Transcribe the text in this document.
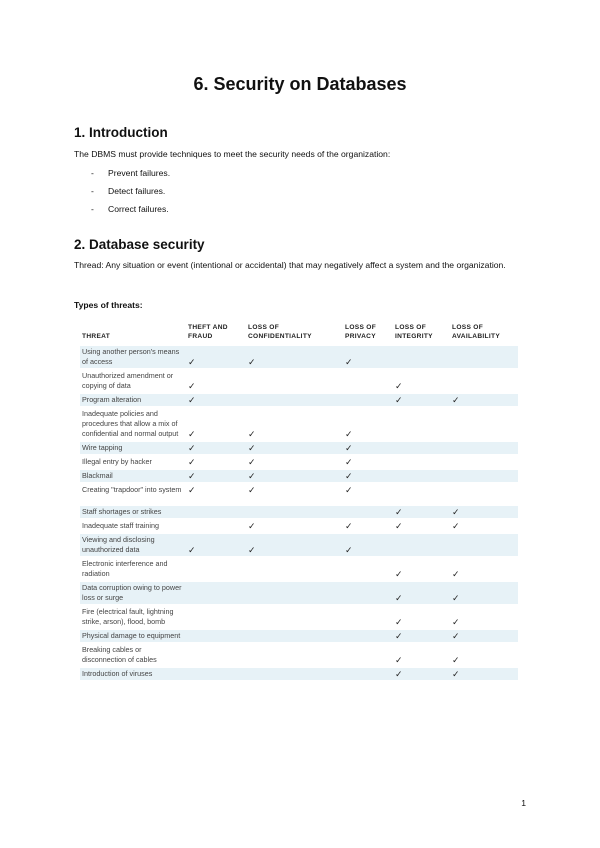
6. Security on Databases
1. Introduction
The DBMS must provide techniques to meet the security needs of the organization:
- Prevent failures.
- Detect failures.
- Correct failures.
2. Database security
Thread: Any situation or event (intentional or accidental) that may negatively affect a system and the organization.
Types of threats:
THREAT	THEFT AND FRAUD	LOSS OF CONFIDENTIALITY	LOSS OF PRIVACY	LOSS OF INTEGRITY	LOSS OF AVAILABILITY
Using another person's means of access	✓	✓	✓		
Unauthorized amendment or copying of data	✓			✓	
Program alteration	✓			✓	✓
Inadequate policies and procedures that allow a mix of confidential and normal output	✓	✓	✓		
Wire tapping	✓	✓	✓		
Illegal entry by hacker	✓	✓	✓		
Blackmail	✓	✓	✓		
Creating "trapdoor" into system	✓	✓	✓		

Staff shortages or strikes				✓	✓
Inadequate staff training		✓	✓	✓	✓
Viewing and disclosing unauthorized data	✓	✓	✓		
Electronic interference and radiation				✓	✓
Data corruption owing to power loss or surge				✓	✓
Fire (electrical fault, lightning strike, arson), flood, bomb				✓	✓
Physical damage to equipment				✓	✓
Breaking cables or disconnection of cables				✓	✓
Introduction of viruses				✓	✓
1
